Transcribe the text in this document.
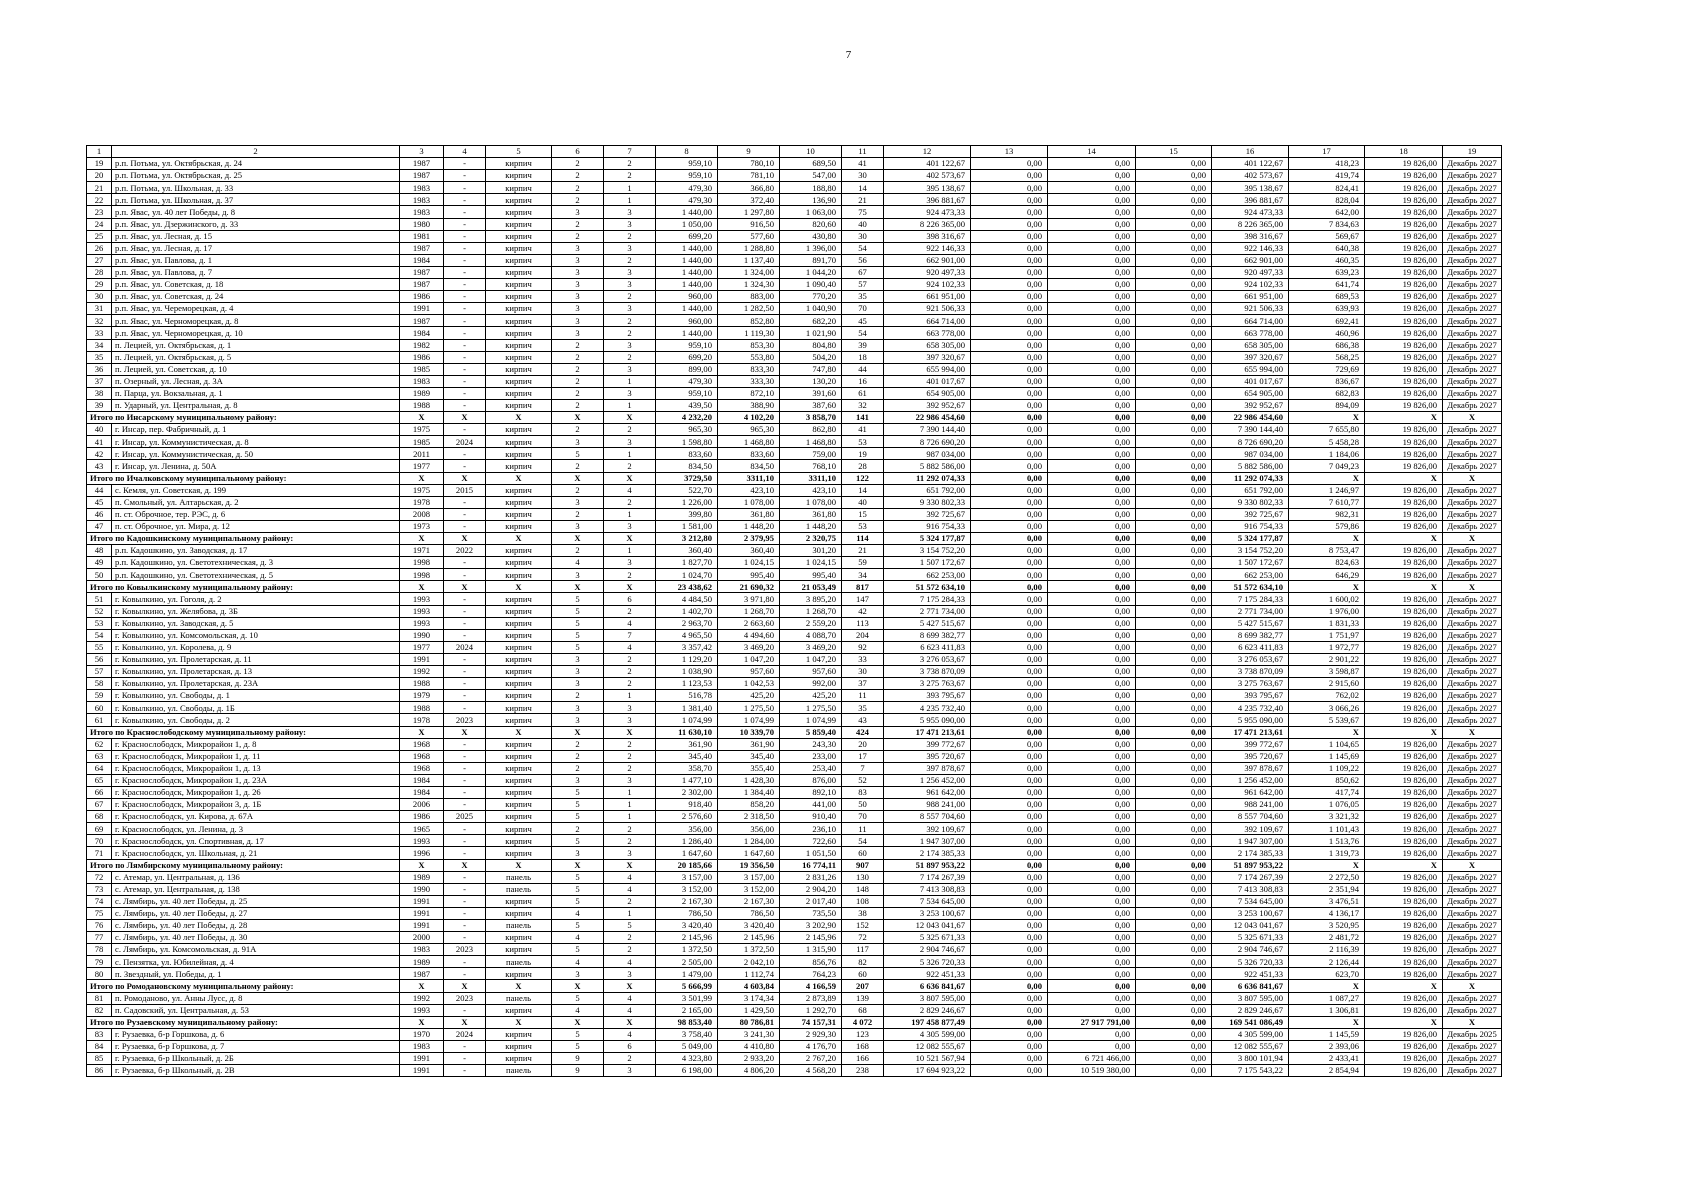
7
1	2	3	4	5	6	7	8	9	10	11	12	13	14	15	16	17	18	19
19	р.п. Потьма, ул. Октябрьская, д. 24	1987	-	кирпич	2	2	959,10	780,10	689,50	41	401 122,67	0,00	0,00	0,00	401 122,67	418,23	19 826,00	Декабрь 2027
20	р.п. Потьма, ул. Октябрьская, д. 25	1987	-	кирпич	2	2	959,10	781,10	547,00	30	402 573,67	0,00	0,00	0,00	402 573,67	419,74	19 826,00	Декабрь 2027
21	р.п. Потьма, ул. Школьная, д. 33	1983	-	кирпич	2	1	479,30	366,80	188,80	14	395 138,67	0,00	0,00	0,00	395 138,67	824,41	19 826,00	Декабрь 2027
22	р.п. Потьма, ул. Школьная, д. 37	1983	-	кирпич	2	1	479,30	372,40	136,90	21	396 881,67	0,00	0,00	0,00	396 881,67	828,04	19 826,00	Декабрь 2027
23	р.п. Явас, ул. 40 лет Победы, д. 8	1983	-	кирпич	3	3	1 440,00	1 297,80	1 063,00	75	924 473,33	0,00	0,00	0,00	924 473,33	642,00	19 826,00	Декабрь 2027
24	р.п. Явас, ул. Дзержинского, д. 33	1980	-	кирпич	2	3	1 050,00	916,50	820,60	40	8 226 365,00	0,00	0,00	0,00	8 226 365,00	7 834,63	19 826,00	Декабрь 2027
25	р.п. Явас, ул. Лесная, д. 15	1981	-	кирпич	2	2	699,20	577,60	430,80	30	398 316,67	0,00	0,00	0,00	398 316,67	569,67	19 826,00	Декабрь 2027
26	р.п. Явас, ул. Лесная, д. 17	1987	-	кирпич	3	3	1 440,00	1 288,80	1 396,00	54	922 146,33	0,00	0,00	0,00	922 146,33	640,38	19 826,00	Декабрь 2027
27	р.п. Явас, ул. Павлова, д. 1	1984	-	кирпич	3	2	1 440,00	1 137,40	891,70	56	662 901,00	0,00	0,00	0,00	662 901,00	460,35	19 826,00	Декабрь 2027
28	р.п. Явас, ул. Павлова, д. 7	1987	-	кирпич	3	3	1 440,00	1 324,00	1 044,20	67	920 497,33	0,00	0,00	0,00	920 497,33	639,23	19 826,00	Декабрь 2027
29	р.п. Явас, ул. Советская, д. 18	1987	-	кирпич	3	3	1 440,00	1 324,30	1 090,40	57	924 102,33	0,00	0,00	0,00	924 102,33	641,74	19 826,00	Декабрь 2027
30	р.п. Явас, ул. Советская, д. 24	1986	-	кирпич	3	2	960,00	883,00	770,20	35	661 951,00	0,00	0,00	0,00	661 951,00	689,53	19 826,00	Декабрь 2027
31	р.п. Явас, ул. Череморецкая, д. 4	1991	-	кирпич	3	3	1 440,00	1 282,50	1 040,90	70	921 506,33	0,00	0,00	0,00	921 506,33	639,93	19 826,00	Декабрь 2027
32	р.п. Явас, ул. Черноморецкая, д. 8	1987	-	кирпич	3	2	960,00	852,80	682,20	45	664 714,00	0,00	0,00	0,00	664 714,00	692,41	19 826,00	Декабрь 2027
33	р.п. Явас, ул. Черноморецкая, д. 10	1984	-	кирпич	3	2	1 440,00	1 119,30	1 021,90	54	663 778,00	0,00	0,00	0,00	663 778,00	460,96	19 826,00	Декабрь 2027
34	п. Лецией, ул. Октябрьская, д. 1	1982	-	кирпич	2	3	959,10	853,30	804,80	39	658 305,00	0,00	0,00	0,00	658 305,00	686,38	19 826,00	Декабрь 2027
35	п. Лецией, ул. Октябрьская, д. 5	1986	-	кирпич	2	2	699,20	553,80	504,20	18	397 320,67	0,00	0,00	0,00	397 320,67	568,25	19 826,00	Декабрь 2027
36	п. Лецией, ул. Советская, д. 10	1985	-	кирпич	2	3	899,00	833,30	747,80	44	655 994,00	0,00	0,00	0,00	655 994,00	729,69	19 826,00	Декабрь 2027
37	п. Озерный, ул. Лесная, д. 3А	1983	-	кирпич	2	1	479,30	333,30	130,20	16	401 017,67	0,00	0,00	0,00	401 017,67	836,67	19 826,00	Декабрь 2027
38	п. Парца, ул. Вокзальная, д. 1	1989	-	кирпич	2	3	959,10	872,10	391,60	61	654 905,00	0,00	0,00	0,00	654 905,00	682,83	19 826,00	Декабрь 2027
39	п. Ударный, ул. Центральная, д. 8	1988	-	кирпич	2	1	439,50	388,90	387,60	32	392 952,67	0,00	0,00	0,00	392 952,67	894,09	19 826,00	Декабрь 2027
Итого по Инсарскому муниципальному району:		X	X	X	X	X	4 232,20	4 102,20	3 858,70	141	22 986 454,60	0,00	0,00	0,00	22 986 454,60	X	X	X
40	г. Инсар, пер. Фабричный, д. 1	1975	-	кирпич	2	2	965,30	965,30	862,80	41	7 390 144,40	0,00	0,00	0,00	7 390 144,40	7 655,80	19 826,00	Декабрь 2027
41	г. Инсар, ул. Коммунистическая, д. 8	1985	2024	кирпич	3	3	1 598,80	1 468,80	1 468,80	53	8 726 690,20	0,00	0,00	0,00	8 726 690,20	5 458,28	19 826,00	Декабрь 2027
42	г. Инсар, ул. Коммунистическая, д. 50	2011	-	кирпич	5	1	833,60	833,60	759,00	19	987 034,00	0,00	0,00	0,00	987 034,00	1 184,06	19 826,00	Декабрь 2027
43	г. Инсар, ул. Ленина, д. 50А	1977	-	кирпич	2	2	834,50	834,50	768,10	28	5 882 586,00	0,00	0,00	0,00	5 882 586,00	7 049,23	19 826,00	Декабрь 2027
Итого по Ичалковскому муниципальному району:		X	X	X	X	X	3729,50	3311,10	3311,10	122	11 292 074,33	0,00	0,00	0,00	11 292 074,33	X	X	X
44	с. Кемля, ул. Советская, д. 199	1975	2015	кирпич	2	4	522,70	423,10	423,10	14	651 792,00	0,00	0,00	0,00	651 792,00	1 246,97	19 826,00	Декабрь 2027
45	п. Смольный, ул. Алтарьская, д. 2	1978	-	кирпич	3	2	1 226,00	1 078,00	1 078,00	40	9 330 802,33	0,00	0,00	0,00	9 330 802,33	7 610,77	19 826,00	Декабрь 2027
46	п. ст. Оброчное, тер. РЭС, д. 6	2008	-	кирпич	2	1	399,80	361,80	361,80	15	392 725,67	0,00	0,00	0,00	392 725,67	982,31	19 826,00	Декабрь 2027
47	п. ст. Оброчное, ул. Мира, д. 12	1973	-	кирпич	3	3	1 581,00	1 448,20	1 448,20	53	916 754,33	0,00	0,00	0,00	916 754,33	579,86	19 826,00	Декабрь 2027
Итого по Кадошкинскому муниципальному району:		X	X	X	X	X	3 212,80	2 379,95	2 320,75	114	5 324 177,87	0,00	0,00	0,00	5 324 177,87	X	X	X
48	р.п. Кадошкино, ул. Заводская, д. 17	1971	2022	кирпич	2	1	360,40	360,40	301,20	21	3 154 752,20	0,00	0,00	0,00	3 154 752,20	8 753,47	19 826,00	Декабрь 2027
49	р.п. Кадошкино, ул. Светотехническая, д. 3	1998	-	кирпич	4	3	1 827,70	1 024,15	1 024,15	59	1 507 172,67	0,00	0,00	0,00	1 507 172,67	824,63	19 826,00	Декабрь 2027
50	р.п. Кадошкино, ул. Светотехническая, д. 5	1998	-	кирпич	3	2	1 024,70	995,40	995,40	34	662 253,00	0,00	0,00	0,00	662 253,00	646,29	19 826,00	Декабрь 2027
Итого по Ковылкинскому муниципальному району:		X	X	X	X	X	23 438,62	21 690,32	21 053,49	817	51 572 634,10	0,00	0,00	0,00	51 572 634,10	X	X	X
51	г. Ковылкино, ул. Гоголя, д. 2	1993	-	кирпич	5	6	4 484,50	3 971,80	3 895,20	147	7 175 284,33	0,00	0,00	0,00	7 175 284,33	1 600,02	19 826,00	Декабрь 2027
52	г. Ковылкино, ул. Желябова, д. 3Б	1993	-	кирпич	5	2	1 402,70	1 268,70	1 268,70	42	2 771 734,00	0,00	0,00	0,00	2 771 734,00	1 976,00	19 826,00	Декабрь 2027
53	г. Ковылкино, ул. Заводская, д. 5	1993	-	кирпич	5	4	2 963,70	2 663,60	2 559,20	113	5 427 515,67	0,00	0,00	0,00	5 427 515,67	1 831,33	19 826,00	Декабрь 2027
54	г. Ковылкино, ул. Комсомольская, д. 10	1990	-	кирпич	5	7	4 965,50	4 494,60	4 088,70	204	8 699 382,77	0,00	0,00	0,00	8 699 382,77	1 751,97	19 826,00	Декабрь 2027
55	г. Ковылкино, ул. Королева, д. 9	1977	2024	кирпич	5	4	3 357,42	3 469,20	3 469,20	92	6 623 411,83	0,00	0,00	0,00	6 623 411,83	1 972,77	19 826,00	Декабрь 2027
56	г. Ковылкино, ул. Пролетарская, д. 11	1991	-	кирпич	3	2	1 129,20	1 047,20	1 047,20	33	3 276 053,67	0,00	0,00	0,00	3 276 053,67	2 901,22	19 826,00	Декабрь 2027
57	г. Ковылкино, ул. Пролетарская, д. 13	1992	-	кирпич	3	2	1 038,90	957,60	957,60	30	3 738 870,09	0,00	0,00	0,00	3 738 870,09	3 598,87	19 826,00	Декабрь 2027
58	г. Ковылкино, ул. Пролетарская, д. 23А	1988	-	кирпич	3	2	1 123,53	1 042,53	992,00	37	3 275 763,67	0,00	0,00	0,00	3 275 763,67	2 915,60	19 826,00	Декабрь 2027
59	г. Ковылкино, ул. Свободы, д. 1	1979	-	кирпич	2	1	516,78	425,20	425,20	11	393 795,67	0,00	0,00	0,00	393 795,67	762,02	19 826,00	Декабрь 2027
60	г. Ковылкино, ул. Свободы, д. 1Б	1988	-	кирпич	3	3	1 381,40	1 275,50	1 275,50	35	4 235 732,40	0,00	0,00	0,00	4 235 732,40	3 066,26	19 826,00	Декабрь 2027
61	г. Ковылкино, ул. Свободы, д. 2	1978	2023	кирпич	3	3	1 074,99	1 074,99	1 074,99	43	5 955 090,00	0,00	0,00	0,00	5 955 090,00	5 539,67	19 826,00	Декабрь 2027
Итого по Краснослободскому муниципальному району:		X	X	X	X	X	11 630,10	10 339,70	5 859,40	424	17 471 213,61	0,00	0,00	0,00	17 471 213,61	X	X	X
62	г. Краснослободск, Микрорайон 1, д. 8	1968	-	кирпич	2	2	361,90	361,90	243,30	20	399 772,67	0,00	0,00	0,00	399 772,67	1 104,65	19 826,00	Декабрь 2027
63	г. Краснослободск, Микрорайон 1, д. 11	1968	-	кирпич	2	2	345,40	345,40	233,00	17	395 720,67	0,00	0,00	0,00	395 720,67	1 145,69	19 826,00	Декабрь 2027
64	г. Краснослободск, Микрорайон 1, д. 13	1968	-	кирпич	2	2	358,70	355,40	253,40	7	397 878,67	0,00	0,00	0,00	397 878,67	1 109,22	19 826,00	Декабрь 2027
65	г. Краснослободск, Микрорайон 1, д. 23А	1984	-	кирпич	3	3	1 477,10	1 428,30	876,00	52	1 256 452,00	0,00	0,00	0,00	1 256 452,00	850,62	19 826,00	Декабрь 2027
66	г. Краснослободск, Микрорайон 1, д. 26	1984	-	кирпич	5	1	2 302,00	1 384,40	892,10	83	961 642,00	0,00	0,00	0,00	961 642,00	417,74	19 826,00	Декабрь 2027
67	г. Краснослободск, Микрорайон 3, д. 1Б	2006	-	кирпич	5	1	918,40	858,20	441,00	50	988 241,00	0,00	0,00	0,00	988 241,00	1 076,05	19 826,00	Декабрь 2027
68	г. Краснослободск, ул. Кирова, д. 67А	1986	2025	кирпич	5	1	2 576,60	2 318,50	910,40	70	8 557 704,60	0,00	0,00	0,00	8 557 704,60	3 321,32	19 826,00	Декабрь 2027
69	г. Краснослободск, ул. Ленина, д. 3	1965	-	кирпич	2	2	356,00	356,00	236,10	11	392 109,67	0,00	0,00	0,00	392 109,67	1 101,43	19 826,00	Декабрь 2027
70	г. Краснослободск, ул. Спортивная, д. 17	1993	-	кирпич	5	2	1 286,40	1 284,00	722,60	54	1 947 307,00	0,00	0,00	0,00	1 947 307,00	1 513,76	19 826,00	Декабрь 2027
71	г. Краснослободск, ул. Школьная, д. 21	1996	-	кирпич	3	3	1 647,60	1 647,60	1 051,50	60	2 174 385,33	0,00	0,00	0,00	2 174 385,33	1 319,73	19 826,00	Декабрь 2027
Итого по Лямбирскому муниципальному району:		X	X	X	X	X	20 185,66	19 356,50	16 774,11	907	51 897 953,22	0,00	0,00	0,00	51 897 953,22	X	X	X
72	с. Атемар, ул. Центральная, д. 136	1989	-	панель	5	4	3 157,00	3 157,00	2 831,26	130	7 174 267,39	0,00	0,00	0,00	7 174 267,39	2 272,50	19 826,00	Декабрь 2027
73	с. Атемар, ул. Центральная, д. 138	1990	-	панель	5	4	3 152,00	3 152,00	2 904,20	148	7 413 308,83	0,00	0,00	0,00	7 413 308,83	2 351,94	19 826,00	Декабрь 2027
74	с. Лямбирь, ул. 40 лет Победы, д. 25	1991	-	кирпич	5	2	2 167,30	2 167,30	2 017,40	108	7 534 645,00	0,00	0,00	0,00	7 534 645,00	3 476,51	19 826,00	Декабрь 2027
75	с. Лямбирь, ул. 40 лет Победы, д. 27	1991	-	кирпич	4	1	786,50	786,50	735,50	38	3 253 100,67	0,00	0,00	0,00	3 253 100,67	4 136,17	19 826,00	Декабрь 2027
76	с. Лямбирь, ул. 40 лет Победы, д. 28	1991	-	панель	5	5	3 420,40	3 420,40	3 202,90	152	12 043 041,67	0,00	0,00	0,00	12 043 041,67	3 520,95	19 826,00	Декабрь 2027
77	с. Лямбирь, ул. 40 лет Победы, д. 30	2000	-	кирпич	4	2	2 145,96	2 145,96	2 145,96	72	5 325 671,33	0,00	0,00	0,00	5 325 671,33	2 481,72	19 826,00	Декабрь 2027
78	с. Лямбирь, ул. Комсомольская, д. 91А	1983	2023	кирпич	5	2	1 372,50	1 372,50	1 315,90	117	2 904 746,67	0,00	0,00	0,00	2 904 746,67	2 116,39	19 826,00	Декабрь 2027
79	с. Пензятка, ул. Юбилейная, д. 4	1989	-	панель	4	4	2 505,00	2 042,10	856,76	82	5 326 720,33	0,00	0,00	0,00	5 326 720,33	2 126,44	19 826,00	Декабрь 2027
80	п. Звездный, ул. Победы, д. 1	1987	-	кирпич	3	3	1 479,00	1 112,74	764,23	60	922 451,33	0,00	0,00	0,00	922 451,33	623,70	19 826,00	Декабрь 2027
Итого по Ромодановскому муниципальному району:		X	X	X	X	X	5 666,99	4 603,84	4 166,59	207	6 636 841,67	0,00	0,00	0,00	6 636 841,67	X	X	X
81	п. Ромоданово, ул. Анны Лусс, д. 8	1992	2023	панель	5	4	3 501,99	3 174,34	2 873,89	139	3 807 595,00	0,00	0,00	0,00	3 807 595,00	1 087,27	19 826,00	Декабрь 2027
82	п. Садовский, ул. Центральная, д. 53	1993	-	кирпич	4	4	2 165,00	1 429,50	1 292,70	68	2 829 246,67	0,00	0,00	0,00	2 829 246,67	1 306,81	19 826,00	Декабрь 2027
Итого по Рузаевскому муниципальному району:		X	X	X	X	X	98 853,40	80 786,81	74 157,31	4 072	197 458 877,49	0,00	27 917 791,00	0,00	169 541 086,49	X	X	X
83	г. Рузаевка, б-р Горшкова, д. 6	1970	2024	кирпич	5	4	3 758,40	3 241,30	2 929,30	123	4 305 599,00	0,00	0,00	0,00	4 305 599,00	1 145,59	19 826,00	Декабрь 2025
84	г. Рузаевка, б-р Горшкова, д. 7	1983	-	кирпич	5	6	5 049,00	4 410,80	4 176,70	168	12 082 555,67	0,00	0,00	0,00	12 082 555,67	2 393,06	19 826,00	Декабрь 2027
85	г. Рузаевка, б-р Школьный, д. 2Б	1991	-	кирпич	9	2	4 323,80	2 933,20	2 767,20	166	10 521 567,94	0,00	6 721 466,00	0,00	3 800 101,94	2 433,41	19 826,00	Декабрь 2027
86	г. Рузаевка, б-р Школьный, д. 2В	1991	-	панель	9	3	6 198,00	4 806,20	4 568,20	238	17 694 923,22	0,00	10 519 380,00	0,00	7 175 543,22	2 854,94	19 826,00	Декабрь 2027
